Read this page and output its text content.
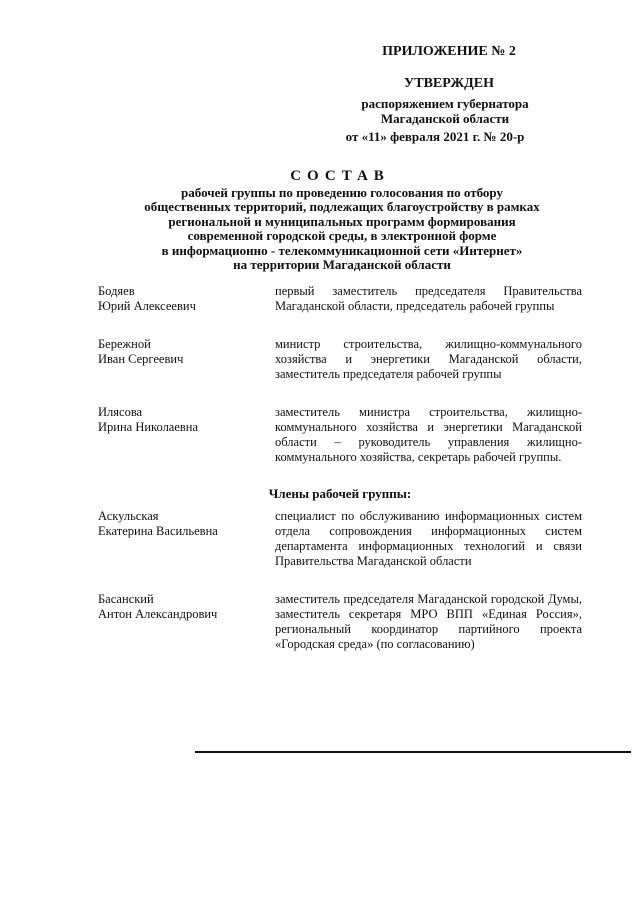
ПРИЛОЖЕНИЕ № 2
УТВЕРЖДЕН
распоряжением губернатора
Магаданской области
от «11» февраля 2021 г. № 20-р
СОСТАВ
рабочей группы по проведению голосования по отбору
общественных территорий, подлежащих благоустройству в рамках
региональной и муниципальных программ формирования
современной городской среды, в электронной форме
в информационно - телекоммуникационной сети «Интернет»
на территории Магаданской области
Бодяев
Юрий Алексеевич
первый заместитель председателя Правительства Магаданской области, председатель рабочей группы
Бережной
Иван Сергеевич
министр строительства, жилищно-коммунального хозяйства и энергетики Магаданской области, заместитель председателя рабочей группы
Илясова
Ирина Николаевна
заместитель министра строительства, жилищно-коммунального хозяйства и энергетики Магаданской области – руководитель управления жилищно-коммунального хозяйства, секретарь рабочей группы.
Члены рабочей группы:
Аскульская
Екатерина Васильевна
специалист по обслуживанию информационных систем отдела сопровождения информационных систем департамента информационных технологий и связи Правительства Магаданской области
Басанский
Антон Александрович
заместитель председателя Магаданской городской Думы, заместитель секретаря МРО ВПП «Единая Россия», региональный координатор партийного проекта «Городская среда» (по согласованию)
